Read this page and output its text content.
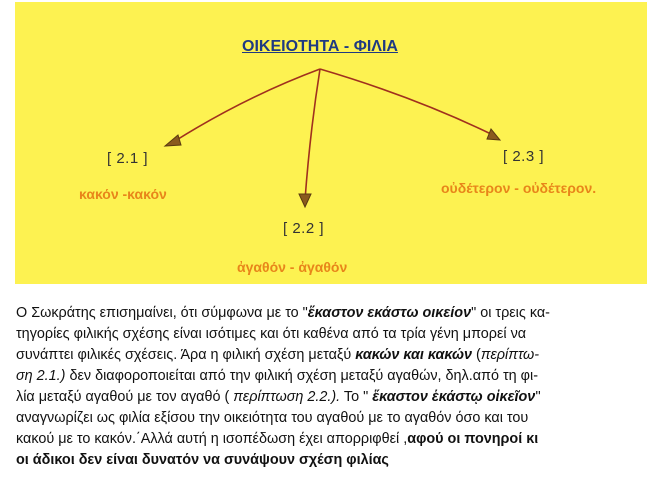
ΟΙΚΕΙΟΤΗΤΑ - ΦΙΛΙΑ
[ 2.1 ]
κακόν -κακόν
[ 2.2 ]
ἀγαθόν - ἀγαθόν
[ 2.3 ]
οὐδέτερον - οὐδέτερον.
Ο Σωκράτης επισημαίνει, ότι σύμφωνα με το "ἕκαστον εκάστω οικείον" οι τρεις κα-
τηγορίες φιλικής σχέσης είναι ισότιμες και ότι καθένα από τα τρία γένη μπορεί να
συνάπτει φιλικές σχέσεις. Άρα η φιλική σχέση μεταξύ κακών και κακών (περίπτω-
ση 2.1.) δεν διαφοροποιείται από την φιλική σχέση μεταξύ αγαθών, δηλ.από τη φι-
λία μεταξύ αγαθού με τον αγαθό ( περίπτωση 2.2.). Το " ἕκαστον ἑκάστῳ οἰκεῖον''
αναγνωρίζει ως φιλία εξίσου την οικειότητα του αγαθού με το αγαθόν όσο και του
κακού με το κακόν.΄Αλλά αυτή η ισοπέδωση έχει απορριφθεί ,αφού οι πονηροί κι
οι άδικοι δεν είναι δυνατόν να συνάψουν σχέση φιλίας
